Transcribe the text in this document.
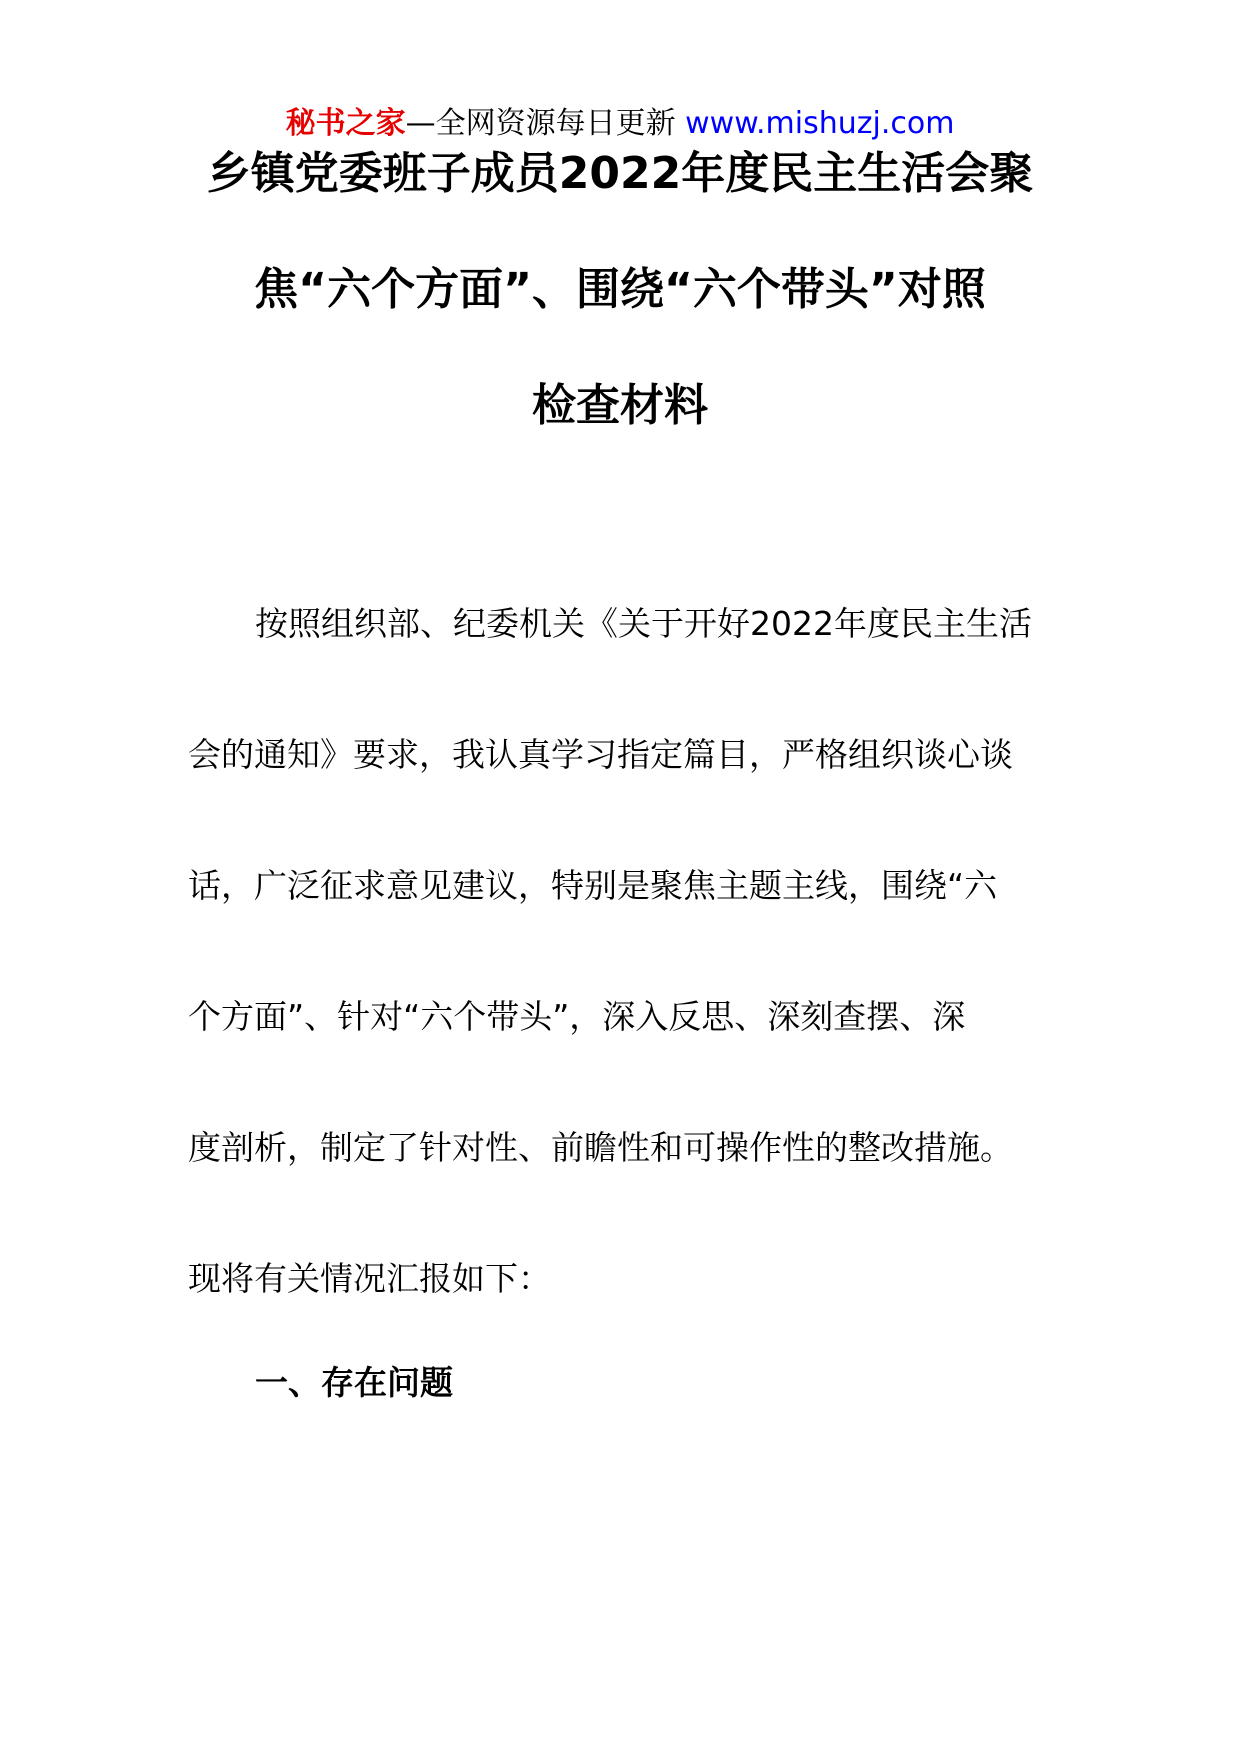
秘书之家—全网资源每日更新 www.mishuzj.com
乡镇党委班子成员2022年度民主生活会聚
焦“六个方面”、围绕“六个带头”对照
检查材料
按照组织部、纪委机关《关于开好2022年度民主生活
会的通知》要求，我认真学习指定篇目，严格组织谈心谈
话，广泛征求意见建议，特别是聚焦主题主线，围绕“六
个方面”、针对“六个带头”，深入反思、深刻查摆、深
度剖析，制定了针对性、前瞻性和可操作性的整改措施。
现将有关情况汇报如下：
一、存在问题
